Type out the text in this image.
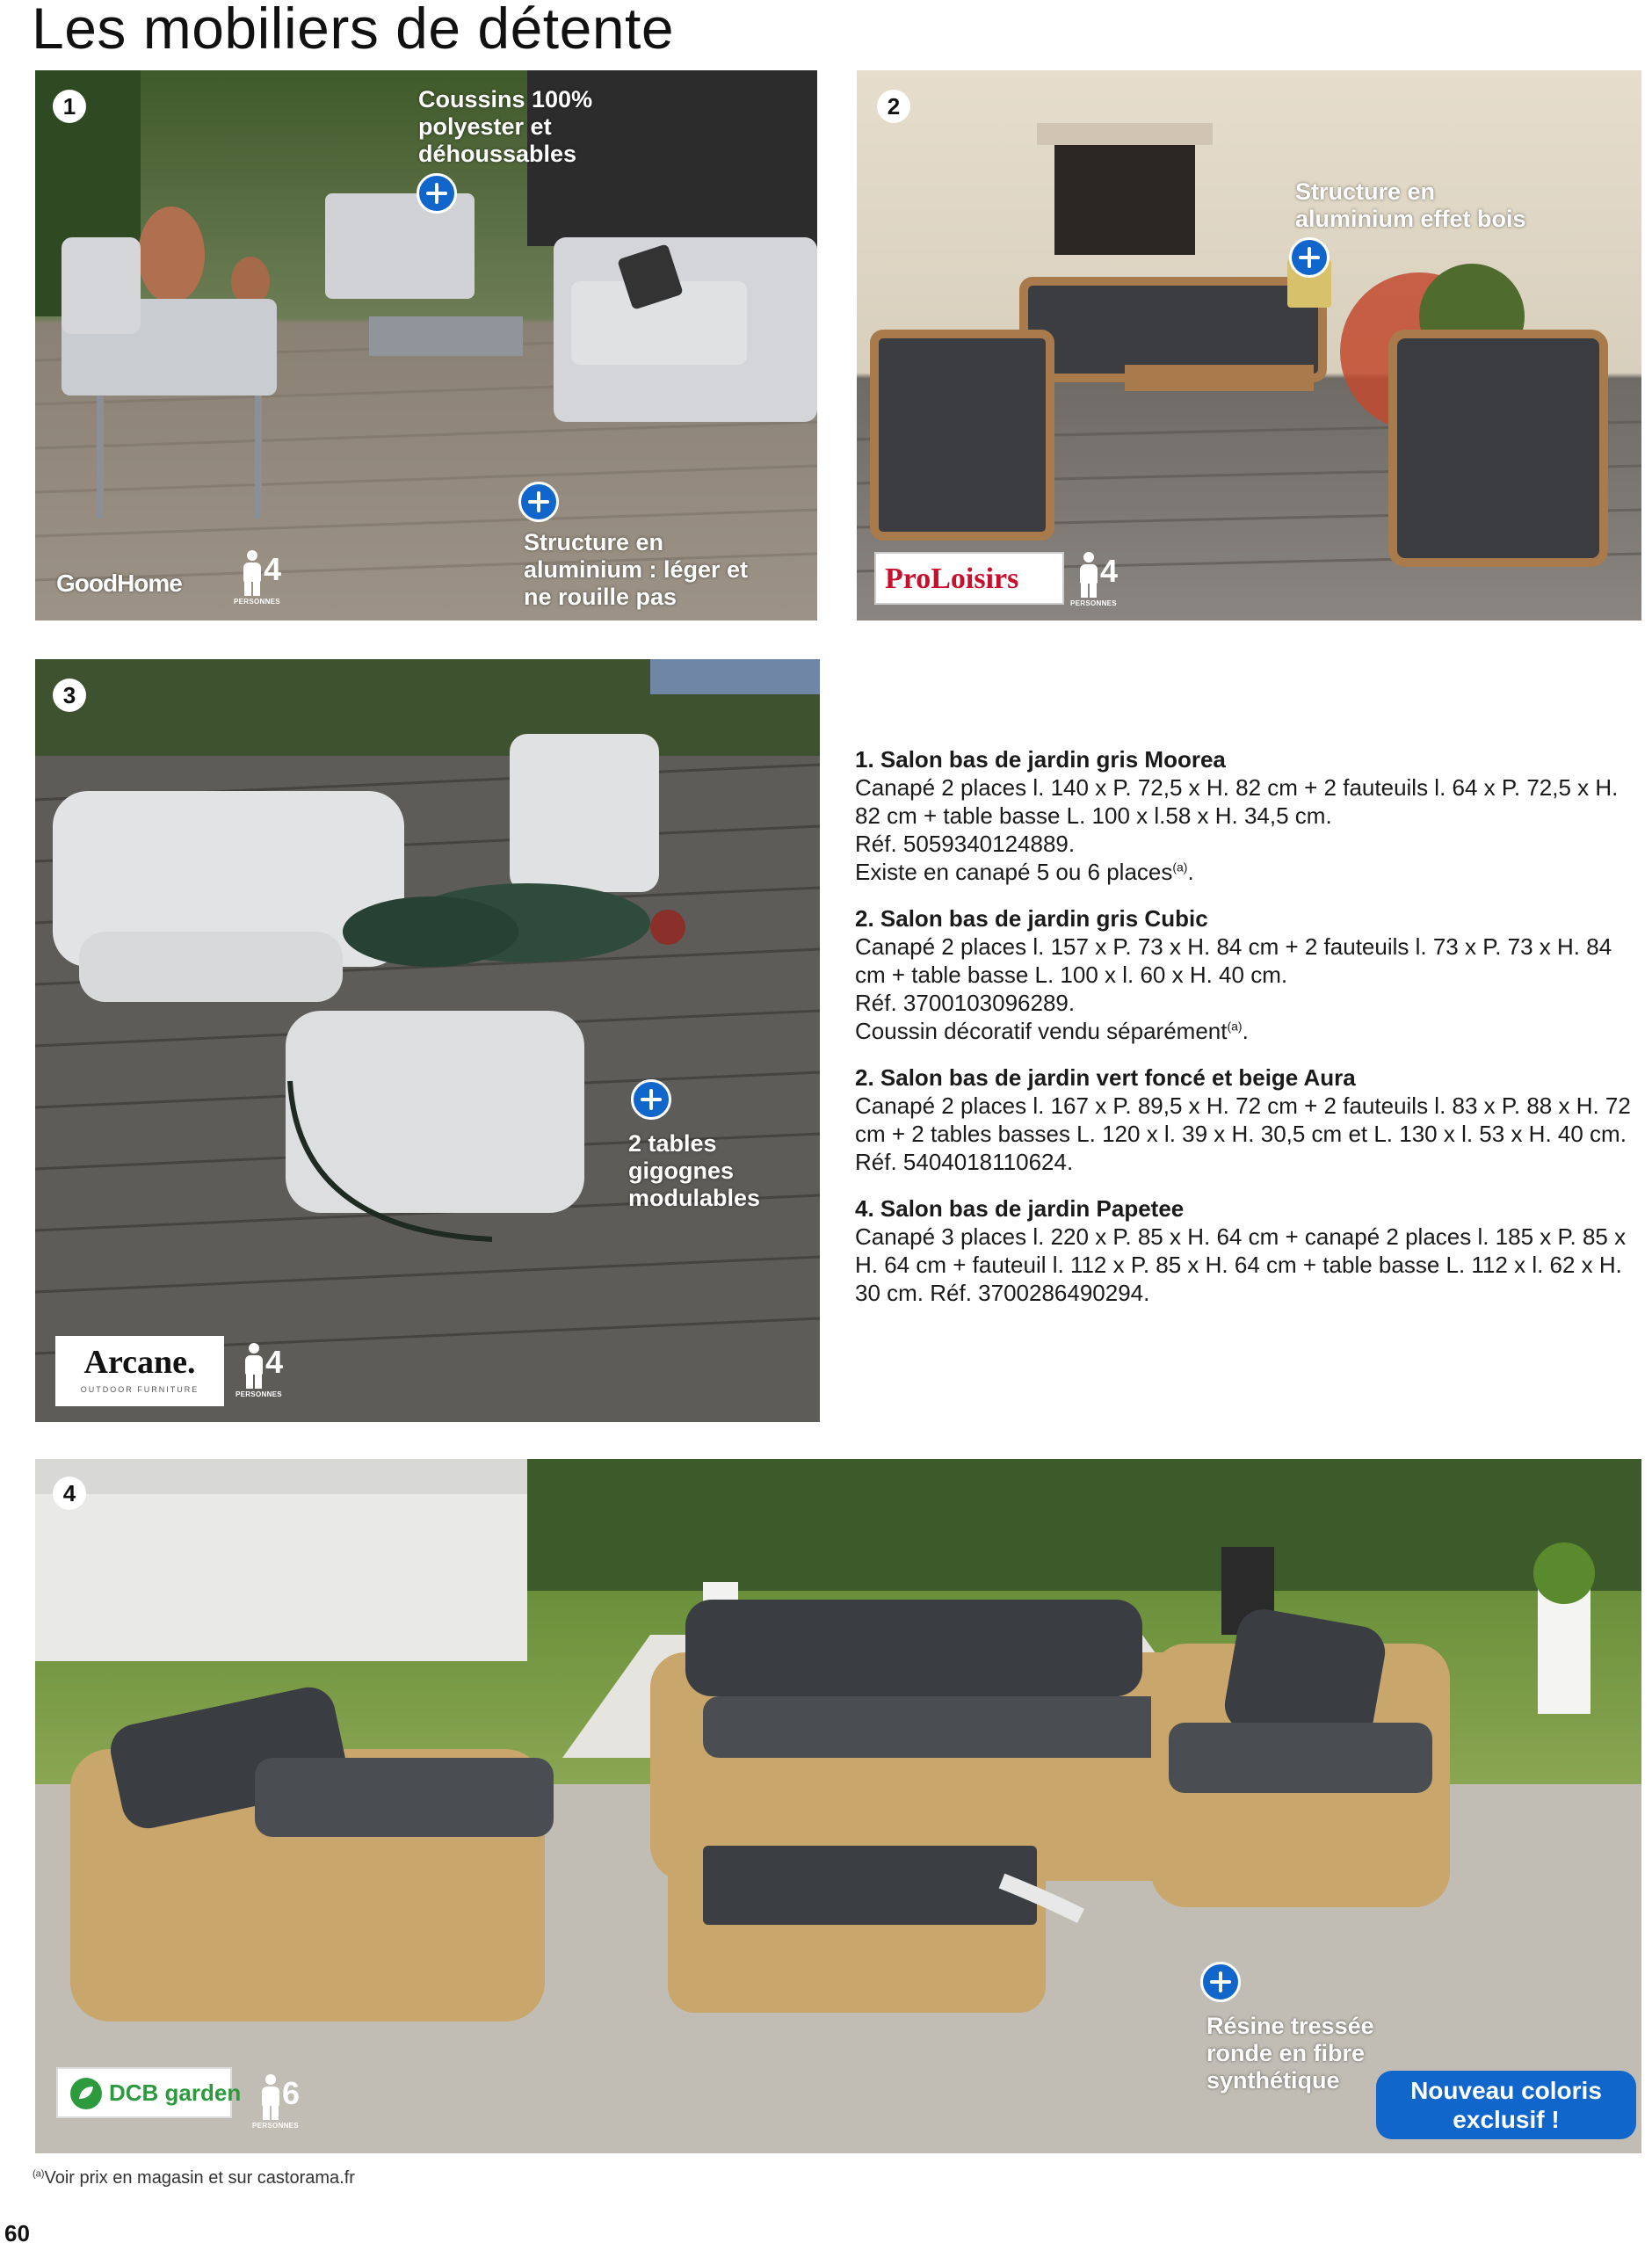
Les mobiliers de détente
1	Coussins 100% polyester et déhoussables
Structure en aluminium : léger et ne rouille pas
GoodHome	4
PERSONNES
2
Structure en aluminium effet bois
ProLoisirs	4
PERSONNES
3
2 tables gigognes modulables
Arcane.
OUTDOOR FURNITURE
4
PERSONNES
1. Salon bas de jardin gris Moorea

Canapé 2 places l. 140 x P. 72,5 x H. 82 cm + 2 fauteuils l. 64 x P. 72,5 x H. 82 cm + table basse L. 100 x l.58 x H. 34,5 cm.

Réf. 5059340124889.

Existe en canapé 5 ou 6 places$^{(a)}$.

2. Salon bas de jardin gris Cubic

Canapé 2 places l. 157 x P. 73 x H. 84 cm + 2 fauteuils l. 73 x P. 73 x H. 84 cm + table basse L. 100 x l. 60 x H. 40 cm.

Réf. 3700103096289.

Coussin décoratif vendu séparément$^{(a)}$.

2. Salon bas de jardin vert foncé et beige Aura

Canapé 2 places l. 167 x P. 89,5 x H. 72 cm + 2 fauteuils l. 83 x P. 88 x H. 72 cm + 2 tables basses L. 120 x l. 39 x H. 30,5 cm et L. 130 x l. 53 x H. 40 cm.

Réf. 5404018110624.

4. Salon bas de jardin Papetee

Canapé 3 places l. 220 x P. 85 x H. 64 cm + canapé 2 places l. 185 x P. 85 x H. 64 cm + fauteuil l. 112 x P. 85 x H. 64 cm + table basse L. 112 x l. 62 x H. 30 cm. Réf. 3700286490294.

4
Résine tressée ronde en fibre synthétique	Nouveau coloris exclusif !
DCB garden 6
PERSONNES
$^{(a)}$Voir prix en magasin et sur castorama.fr
60
